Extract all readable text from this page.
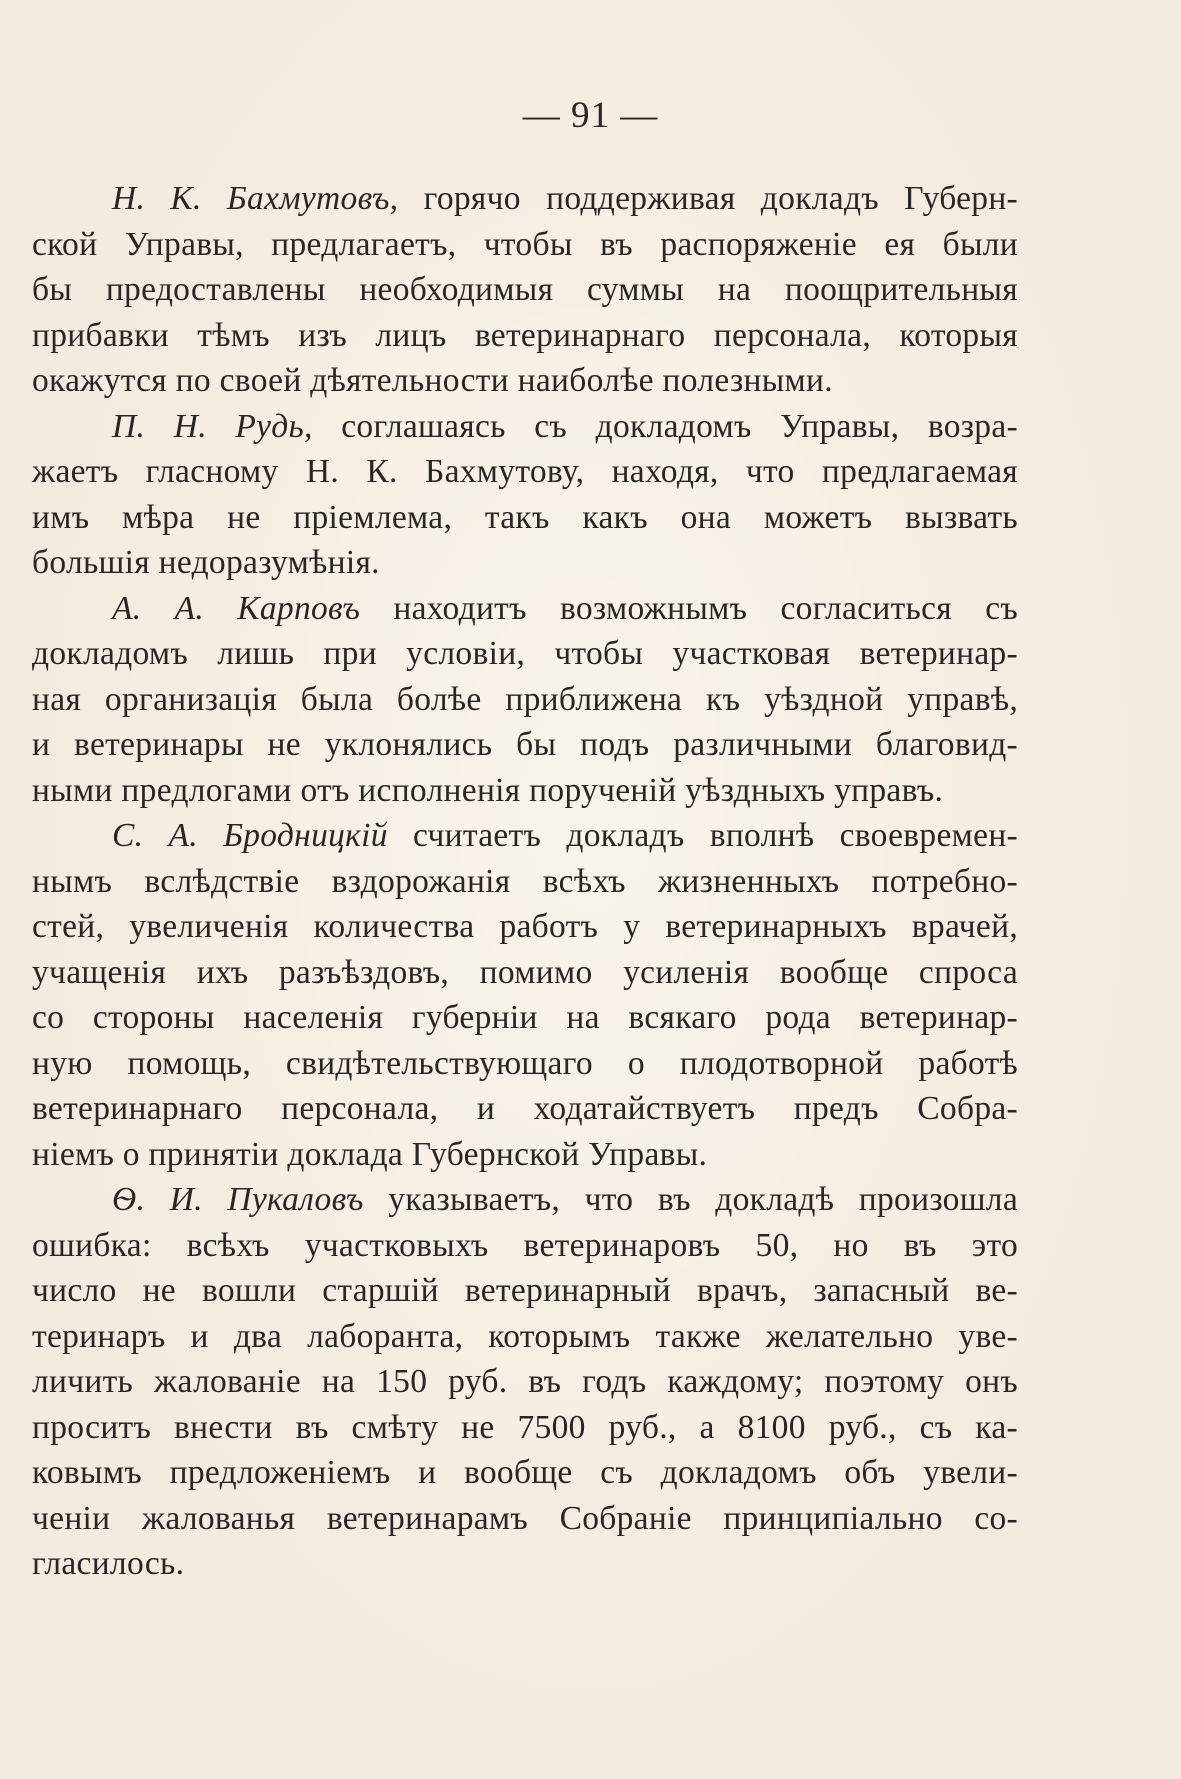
— 91 —
Н. К. Бахмутовъ, горячо поддерживая докладъ Губерн-
ской Управы, предлагаетъ, чтобы въ распоряженіе ея были
бы предоставлены необходимыя суммы на поощрительныя
прибавки тѣмъ изъ лицъ ветеринарнаго персонала, которыя
окажутся по своей дѣятельности наиболѣе полезными.
П. Н. Рудь, соглашаясь съ докладомъ Управы, возра-
жаетъ гласному Н. К. Бахмутову, находя, что предлагаемая
имъ мѣра не пріемлема, такъ какъ она можетъ вызвать
большія недоразумѣнія.
А. А. Карповъ находитъ возможнымъ согласиться съ
докладомъ лишь при условіи, чтобы участковая ветеринар-
ная организація была болѣе приближена къ уѣздной управѣ,
и ветеринары не уклонялись бы подъ различными благовид-
ными предлогами отъ исполненія порученій уѣздныхъ управъ.
С. А. Бродницкій считаетъ докладъ вполнѣ своевремен-
нымъ вслѣдствіе вздорожанія всѣхъ жизненныхъ потребно-
стей, увеличенія количества работъ у ветеринарныхъ врачей,
учащенія ихъ разъѣздовъ, помимо усиленія вообще спроса
со стороны населенія губерніи на всякаго рода ветеринар-
ную помощь, свидѣтельствующаго о плодотворной работѣ
ветеринарнаго персонала, и ходатайствуетъ предъ Собра-
ніемъ о принятіи доклада Губернской Управы.
Ѳ. И. Пукаловъ указываетъ, что въ докладѣ произошла
ошибка: всѣхъ участковыхъ ветеринаровъ 50, но въ это
число не вошли старшій ветеринарный врачъ, запасный ве-
теринаръ и два лаборанта, которымъ также желательно уве-
личить жалованіе на 150 руб. въ годъ каждому; поэтому онъ
проситъ внести въ смѣту не 7500 руб., а 8100 руб., съ ка-
ковымъ предложеніемъ и вообще съ докладомъ объ увели-
ченіи жалованья ветеринарамъ Собраніе принципіально со-
гласилось.
